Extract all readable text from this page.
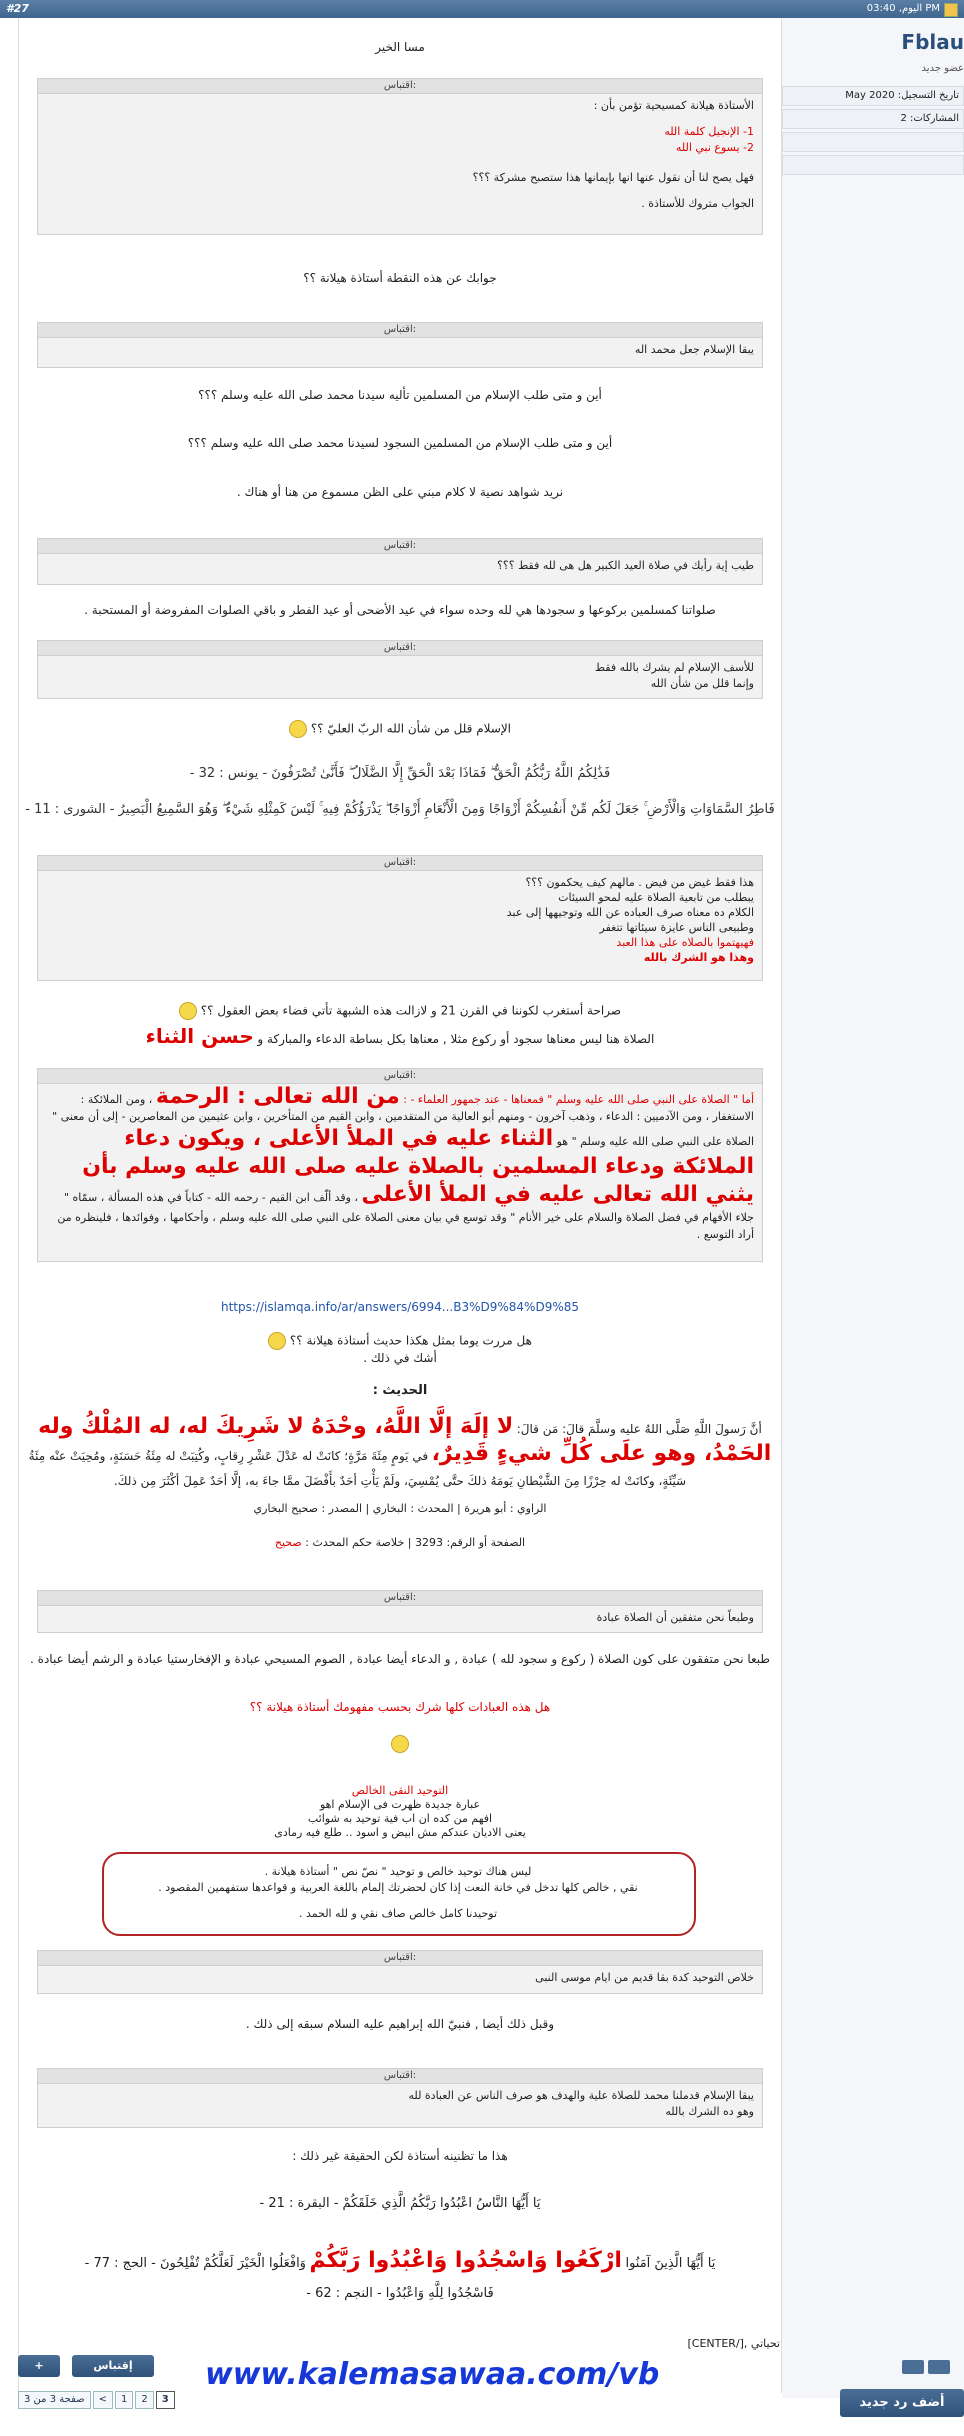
#27	اليوم, 03:40 PM
Fblau
عضو جديد
تاريخ التسجيل: May 2020
المشاركات: 2
مسا الخير
اقتباس:
الأستاذة هيلانة كمسيحية تؤمن بأن :
1- الإنجيل كلمة الله
2- يسوع نبي الله
فهل يصح لنا أن نقول عنها انها بإيمانها هذا ستصبح مشركة ؟؟؟
الجواب متروك للأستاذة .
جوابك عن هذه النقطة أستاذة هيلانة ؟؟
اقتباس:
يبقا الإسلام جعل محمد اله
أين و متى طلب الإسلام من المسلمين تأليه سيدنا محمد صلى الله عليه وسلم ؟؟؟
أين و متى طلب الإسلام من المسلمين السجود لسيدنا محمد صلى الله عليه وسلم ؟؟؟
نريد شواهد نصية لا كلام مبني على الظن مسموع من هنا أو هناك .
اقتباس:
طيب إية رأيك في صلاة العيد الكبير هل هى لله فقط ؟؟؟
صلواتنا كمسلمين بركوعها و سجودها هي لله وحده سواء في عيد الأضحى أو عيد الفطر و باقي الصلوات المفروضة أو المستحبة .
اقتباس:
للأسف الإسلام لم يشرك بالله فقط
وإنما قلل من شأن الله
الإسلام قلل من شأن الله الربّ العليّ ؟؟
فَذَٰلِكُمُ اللَّهُ رَبُّكُمُ الْحَقُّ ۖ فَمَاذَا بَعْدَ الْحَقِّ إِلَّا الضَّلَالُ ۖ فَأَنَّىٰ تُصْرَفُونَ - يونس : 32 -
فَاطِرُ السَّمَاوَاتِ وَالْأَرْضِ ۚ جَعَلَ لَكُم مِّنْ أَنفُسِكُمْ أَزْوَاجًا وَمِنَ الْأَنْعَامِ أَزْوَاجًا ۖ يَذْرَؤُكُمْ فِيهِ ۚ لَيْسَ كَمِثْلِهِ شَيْءٌ ۖ وَهُوَ السَّمِيعُ الْبَصِيرُ - الشورى : 11 -
اقتباس:
هذا فقط غيض من فيض . مالهم كيف يحكمون ؟؟؟
يبطلب من تابعية الصلاة عليه لمحو السيئات
الكلام ده معناه صرف العباده عن الله وتوجيهها إلى عبد
وطبيعى الناس عايزة سيئاتها تتغفر
فهيهتموا بالصلاه على هذا العبد
وهذا هو الشرك بالله
صراحة أستغرب لكوننا في القرن 21 و لازالت هذه الشبهة تأتي فضاء بعض العقول ؟؟
الصلاة هنا ليس معناها سجود أو ركوع مثلا , معناها بكل بساطة الدعاء والمباركة و حسن الثناء
اقتباس:
أما " الصلاة على النبي صلى الله عليه وسلم " فمعناها - عند جمهور العلماء - : من الله تعالى : الرحمة ، ومن الملائكة : الاستغفار ، ومن الآدميين : الدعاء ، وذهب آخرون - ومنهم أبو العالية من المتقدمين ، وابن القيم من المتأخرين ، وابن عثيمين من المعاصرين - إلى أن معنى " الصلاة على النبي صلى الله عليه وسلم " هو الثناء عليه في الملأ الأعلى ، ويكون دعاء الملائكة ودعاء المسلمين بالصلاة عليه صلى الله عليه وسلم بأن يثني الله تعالى عليه في الملأ الأعلى ، وقد ألّف ابن القيم - رحمه الله - كتاباً في هذه المسألة ، سمّاه " جلاء الأفهام في فضل الصلاة والسلام على خير الأنام " وقد توسع في بيان معنى الصلاة على النبي صلى الله عليه وسلم ، وأحكامها ، وفوائدها ، فلينظره من أراد التوسع .
https://islamqa.info/ar/answers/6994...B3%D9%84%D9%85
هل مررت يوما بمثل هكذا حديث أستاذة هيلانة ؟؟
أشك في ذلك .
الحديث :
أنَّ رَسولَ اللَّهِ صَلَّى اللهُ عليه وسلَّمَ قالَ: مَن قالَ: لا إلَهَ إلَّا اللَّهُ، وحْدَهُ لا شَرِيكَ له، له المُلْكُ وله الحَمْدُ، وهو علَى كُلِّ شيءٍ قَدِيرٌ، في يَومٍ مِئَةَ مَرَّةٍ؛ كانَتْ له عَدْلَ عَشْرِ رِقابٍ، وكُتِبَتْ له مِئَةُ حَسَنَةٍ، ومُحِيَتْ عنْه مِئَةُ سَيِّئَةٍ، وكانَتْ له حِرْزًا مِنَ الشَّيْطانِ يَومَهُ ذلكَ حتَّى يُمْسِيَ، ولَمْ يَأْتِ أحَدٌ بأَفْضَلَ ممَّا جاءَ به، إلَّا أحَدٌ عَمِلَ أكْثَرَ مِن ذلكَ.
الراوي : أبو هريرة | المحدث : البخاري | المصدر : صحيح البخاري
الصفحة أو الرقم: 3293 | خلاصة حكم المحدث : صحيح
اقتباس:
وطبعاً نحن متفقين أن الصلاة عبادة
طبعا نحن متفقون على كون الصلاة ( ركوع و سجود لله ) عبادة , و الدعاء أيضا عبادة , الصوم المسيحي عبادة و الإفخارستيا عبادة و الرشم أيضا عبادة .
هل هذه العبادات كلها شرك بحسب مفهومك أستاذة هيلانة ؟؟
التوحيد النقى الخالص
عبارة جديدة ظهرت فى الإسلام اهو
افهم من كده ان اب فية توحيد به شوائب
يعنى الاديان عندكم مش ابيض و اسود .. طلع فيه رمادى
ليس هناك توحيد خالص و توحيد " نصّ نص " أستاذة هيلانة .
نقي , خالص كلها تدخل في خانة النعت إذا كان لحضرتك إلمام باللغة العربية و قواعدها ستفهمين المقصود .
توحيدنا كامل خالص صاف نقي و لله الحمد .
اقتباس:
خلاص التوحيد كدة بقا قديم من ايام موسى النبى
وقبل ذلك أيضا , فنبيّ الله إبراهيم عليه السلام سبقه إلى ذلك .
اقتباس:
يبقا الإسلام قدملنا محمد للصلاة علية والهدف هو صرف الناس عن العبادة لله
وهو ده الشرك بالله
هذا ما تظنينه أستاذة لكن الحقيقة غير ذلك :
يَا أَيُّهَا النَّاسُ اعْبُدُوا رَبَّكُمُ الَّذِي خَلَقَكُمْ - البقرة : 21 -
يَا أَيُّهَا الَّذِينَ آمَنُوا ارْكَعُوا وَاسْجُدُوا وَاعْبُدُوا رَبَّكُمْ وَافْعَلُوا الْخَيْرَ لَعَلَّكُمْ تُفْلِحُونَ - الحج : 77 -
فَاسْجُدُوا لِلَّهِ وَاعْبُدُوا - النجم : 62 -
تحياتي ,[/CENTER]
+	إقتباس	www.kalemasawaa.com/vb
صفحة 3 من 3	<	1	2	3	أضف رد جديد
